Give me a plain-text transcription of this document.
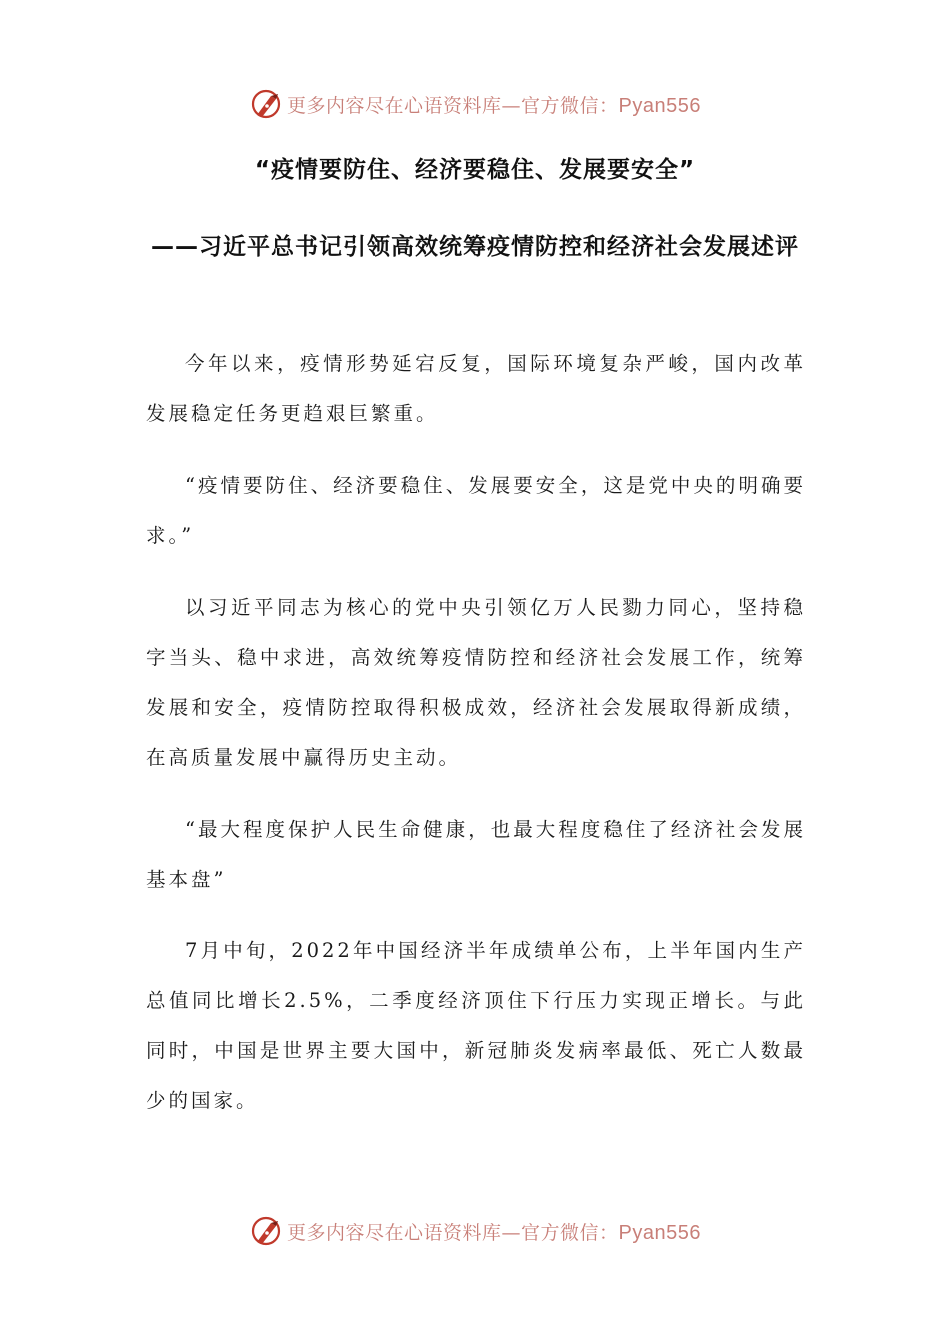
更多内容尽在心语资料库—官方微信：Pyan556
“疫情要防住、经济要稳住、发展要安全”
——习近平总书记引领高效统筹疫情防控和经济社会发展述评

今年以来，疫情形势延宕反复，国际环境复杂严峻，国内改革发展稳定任务更趋艰巨繁重。

“疫情要防住、经济要稳住、发展要安全，这是党中央的明确要求。”

以习近平同志为核心的党中央引领亿万人民勠力同心，坚持稳字当头、稳中求进，高效统筹疫情防控和经济社会发展工作，统筹发展和安全，疫情防控取得积极成效，经济社会发展取得新成绩，在高质量发展中赢得历史主动。

“最大程度保护人民生命健康，也最大程度稳住了经济社会发展基本盘”

7月中旬，2022年中国经济半年成绩单公布，上半年国内生产总值同比增长2.5%，二季度经济顶住下行压力实现正增长。与此同时，中国是世界主要大国中，新冠肺炎发病率最低、死亡人数最少的国家。

更多内容尽在心语资料库—官方微信：Pyan556
